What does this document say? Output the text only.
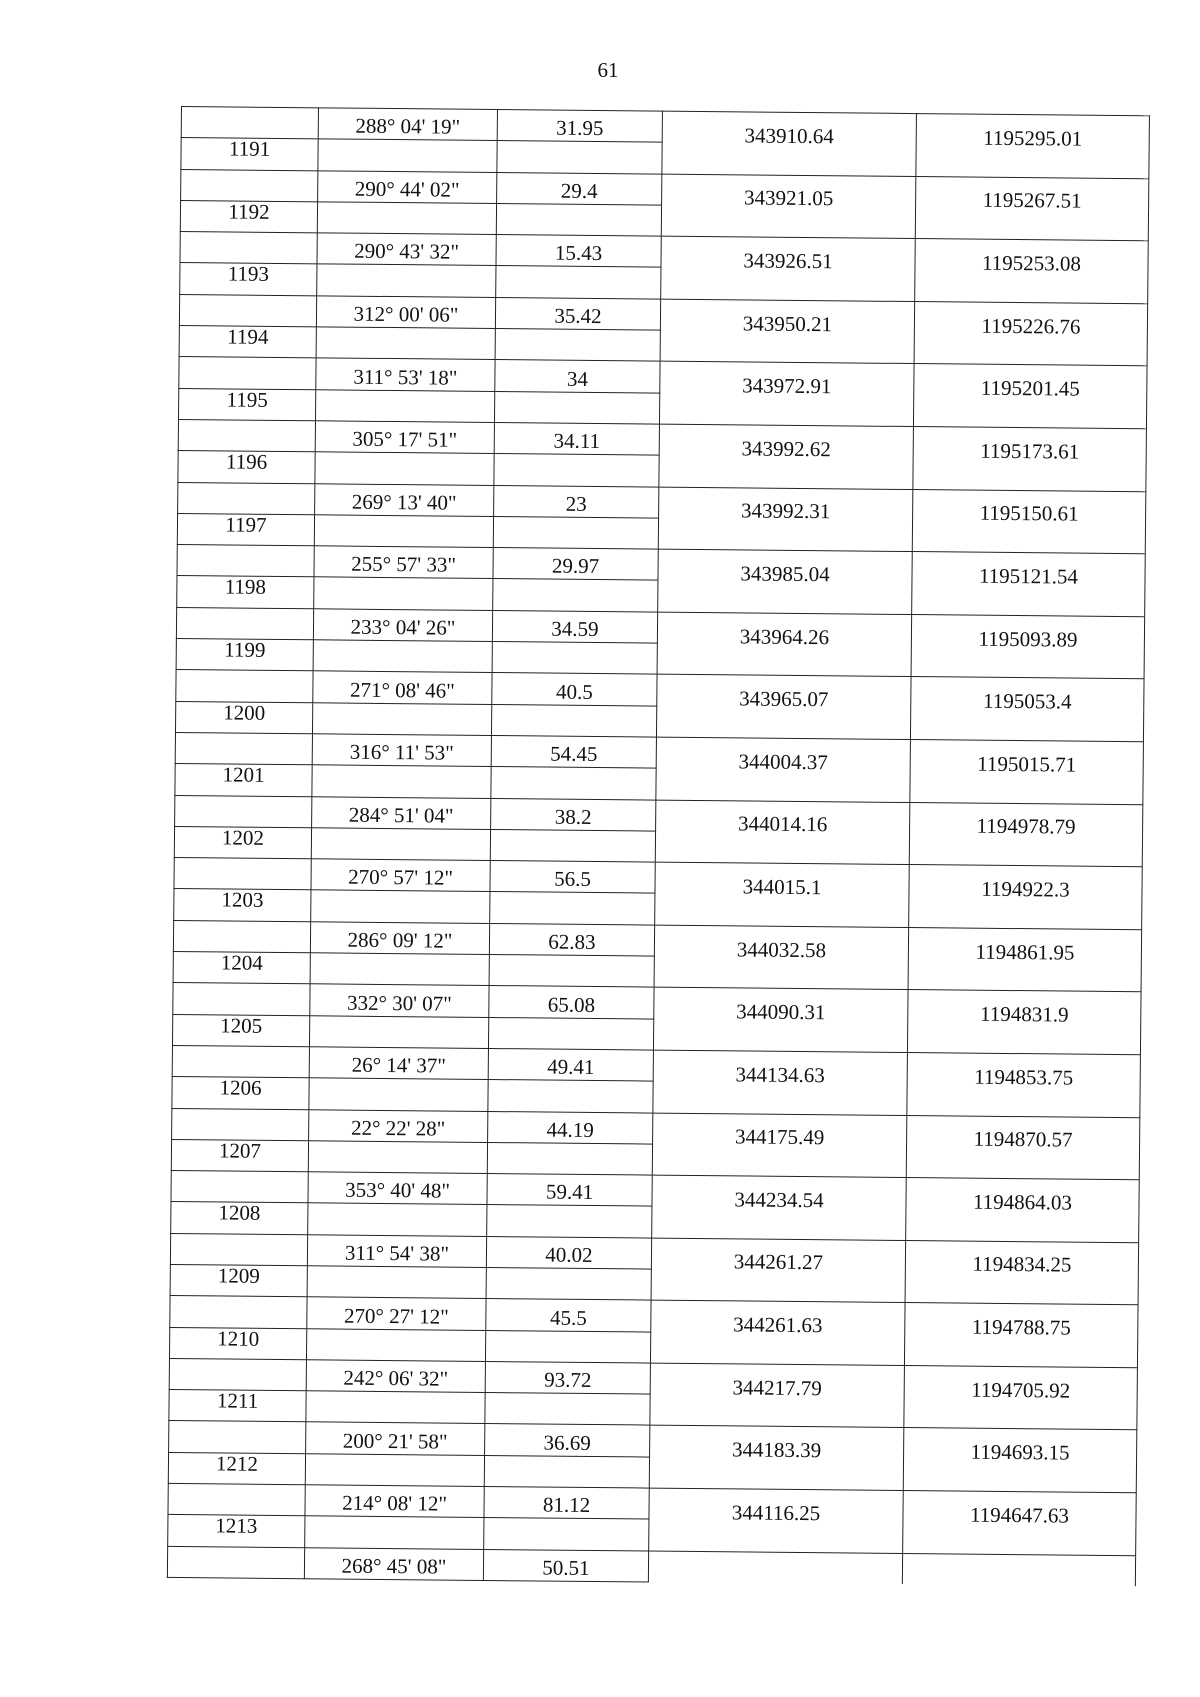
61

	288° 04' 19"	31.95		

1191			343910.64	1195295.01

	290° 44' 02"	29.4		

1192			343921.05	1195267.51

	290° 43' 32"	15.43		

1193			343926.51	1195253.08

	312° 00' 06"	35.42		

1194			343950.21	1195226.76

	311° 53' 18"	34		

1195			343972.91	1195201.45

	305° 17' 51"	34.11		

1196			343992.62	1195173.61

	269° 13' 40"	23		

1197			343992.31	1195150.61

	255° 57' 33"	29.97		

1198			343985.04	1195121.54

	233° 04' 26"	34.59		

1199			343964.26	1195093.89

	271° 08' 46"	40.5		

1200			343965.07	1195053.4

	316° 11' 53"	54.45		

1201			344004.37	1195015.71

	284° 51' 04"	38.2		

1202			344014.16	1194978.79

	270° 57' 12"	56.5		

1203			344015.1	1194922.3

	286° 09' 12"	62.83		

1204			344032.58	1194861.95

	332° 30' 07"	65.08		

1205			344090.31	1194831.9

	26° 14' 37"	49.41		

1206			344134.63	1194853.75

	22° 22' 28"	44.19		

1207			344175.49	1194870.57

	353° 40' 48"	59.41		

1208			344234.54	1194864.03

	311° 54' 38"	40.02		

1209			344261.27	1194834.25

	270° 27' 12"	45.5		

1210			344261.63	1194788.75

	242° 06' 32"	93.72		

1211			344217.79	1194705.92

	200° 21' 58"	36.69		

1212			344183.39	1194693.15

	214° 08' 12"	81.12		

1213			344116.25	1194647.63

	268° 45' 08"	50.51		
